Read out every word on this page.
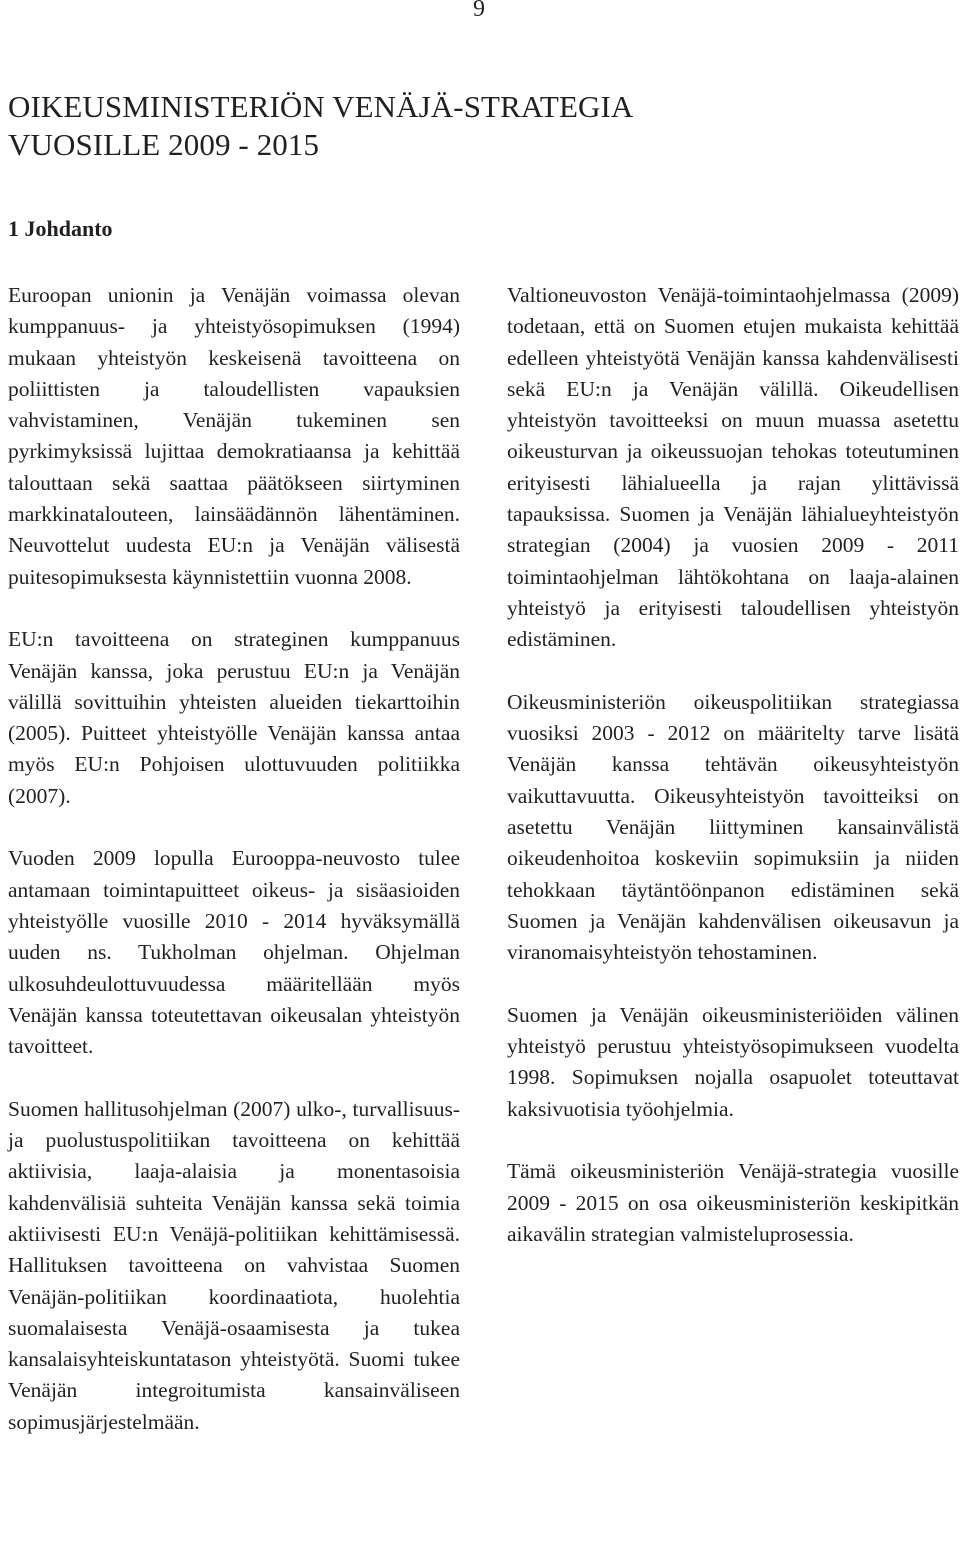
9
OIKEUSMINISTERIÖN VENÄJÄ-STRATEGIA
VUOSILLE 2009 - 2015
1 Johdanto

Euroopan unionin ja Venäjän voimassa olevan kumppanuus- ja yhteistyösopimuksen (1994) mukaan yhteistyön keskeisenä tavoitteena on poliittisten ja taloudellisten vapauksien vahvistaminen, Venäjän tukeminen sen pyrkimyksissä lujittaa demokratiaansa ja kehittää talouttaan sekä saattaa päätökseen siirtyminen markkinatalouteen, lainsäädännön lähentäminen. Neuvottelut uudesta EU:n ja Venäjän välisestä puitesopimuksesta käynnistettiin vuonna 2008.

EU:n tavoitteena on strateginen kumppanuus Venäjän kanssa, joka perustuu EU:n ja Venäjän välillä sovittuihin yhteisten alueiden tiekarttoihin (2005). Puitteet yhteistyölle Venäjän kanssa antaa myös EU:n Pohjoisen ulottuvuuden politiikka (2007).

Vuoden 2009 lopulla Eurooppa-neuvosto tulee antamaan toimintapuitteet oikeus- ja sisäasioiden yhteistyölle vuosille 2010 - 2014 hyväksymällä uuden ns. Tukholman ohjelman. Ohjelman ulkosuhdeulottuvuudessa määritellään myös Venäjän kanssa toteutettavan oikeusalan yhteistyön tavoitteet.

Suomen hallitusohjelman (2007) ulko-, turvallisuus- ja puolustuspolitiikan tavoitteena on kehittää aktiivisia, laaja-alaisia ja monentasoisia kahdenvälisiä suhteita Venäjän kanssa sekä toimia aktiivisesti EU:n Venäjä-politiikan kehittämisessä. Hallituksen tavoitteena on vahvistaa Suomen Venäjän-politiikan koordinaatiota, huolehtia suomalaisesta Venäjä-osaamisesta ja tukea kansalaisyhteiskuntatason yhteistyötä. Suomi tukee Venäjän integroitumista kansainväliseen sopimusjärjestelmään.

Valtioneuvoston Venäjä-toimintaohjelmassa (2009) todetaan, että on Suomen etujen mukaista kehittää edelleen yhteistyötä Venäjän kanssa kahdenvälisesti sekä EU:n ja Venäjän välillä. Oikeudellisen yhteistyön tavoitteeksi on muun muassa asetettu oikeusturvan ja oikeussuojan tehokas toteutuminen erityisesti lähialueella ja rajan ylittävissä tapauksissa. Suomen ja Venäjän lähialueyhteistyön strategian (2004) ja vuosien 2009 - 2011 toimintaohjelman lähtökohtana on laaja-alainen yhteistyö ja erityisesti taloudellisen yhteistyön edistäminen.

Oikeusministeriön oikeuspolitiikan strategiassa vuosiksi 2003 - 2012 on määritelty tarve lisätä Venäjän kanssa tehtävän oikeusyhteistyön vaikuttavuutta. Oikeusyhteistyön tavoitteiksi on asetettu Venäjän liittyminen kansainvälistä oikeudenhoitoa koskeviin sopimuksiin ja niiden tehokkaan täytäntöönpanon edistäminen sekä Suomen ja Venäjän kahdenvälisen oikeusavun ja viranomaisyhteistyön tehostaminen.

Suomen ja Venäjän oikeusministeriöiden välinen yhteistyö perustuu yhteistyösopimukseen vuodelta 1998. Sopimuksen nojalla osapuolet toteuttavat kaksivuotisia työohjelmia.

Tämä oikeusministeriön Venäjä-strategia vuosille 2009 - 2015 on osa oikeusministeriön keskipitkän aikavälin strategian valmisteluprosessia.
